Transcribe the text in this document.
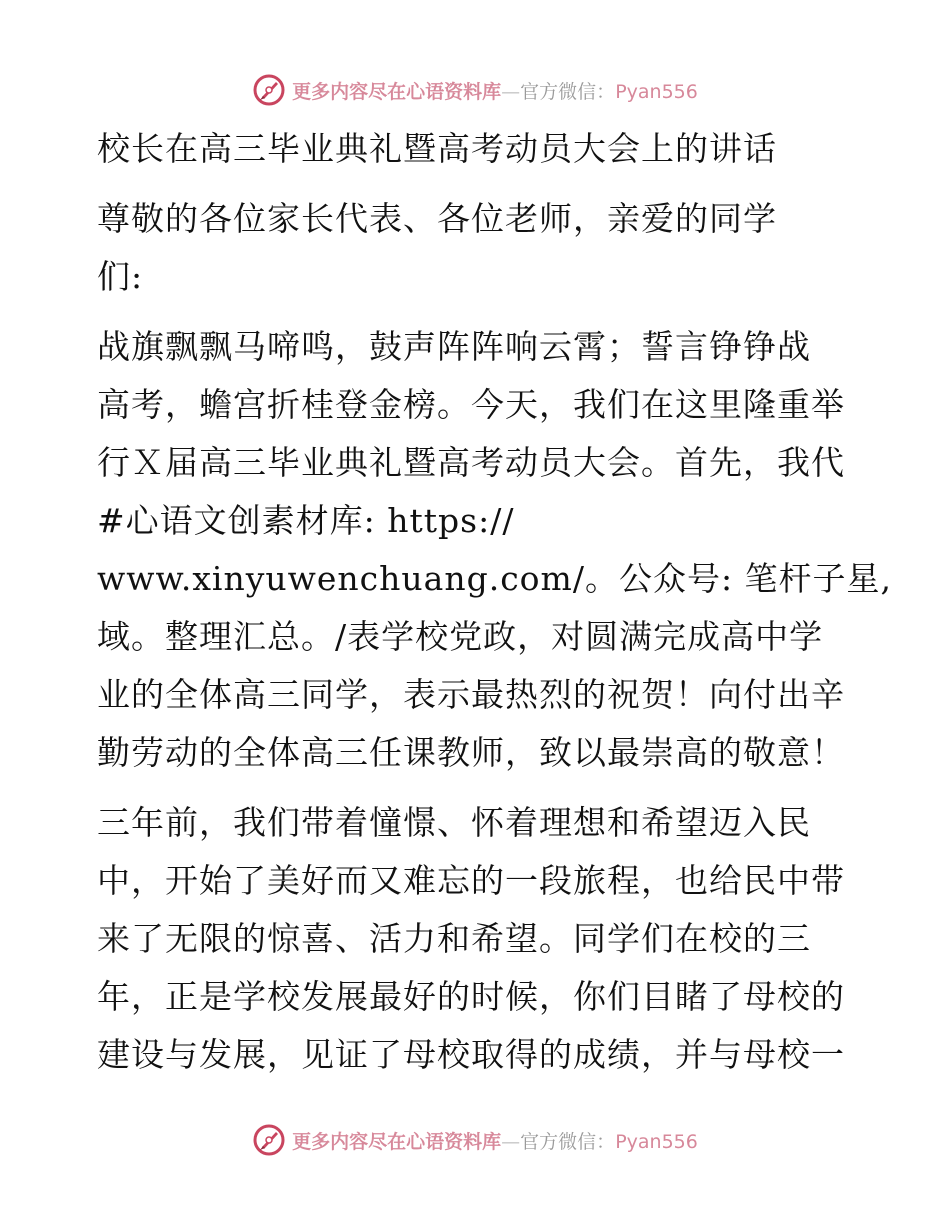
更多内容尽在心语资料库—官方微信：Pyan556
校长在高三毕业典礼暨高考动员大会上的讲话
尊敬的各位家长代表、各位老师，亲爱的同学
们:
战旗飘飘马啼鸣，鼓声阵阵响云霄；誓言铮铮战
高考，蟾宫折桂登金榜。今天，我们在这里隆重举
行Ｘ届高三毕业典礼暨高考动员大会。首先，我代
#心语文创素材库: https://
www.xinyuwenchuang.com/。公众号: 笔杆子星,
域。整理汇总。/表学校党政，对圆满完成高中学
业的全体高三同学，表示最热烈的祝贺！向付出辛
勤劳动的全体高三任课教师，致以最崇高的敬意！
三年前，我们带着憧憬、怀着理想和希望迈入民
中，开始了美好而又难忘的一段旅程，也给民中带
来了无限的惊喜、活力和希望。同学们在校的三
年，正是学校发展最好的时候，你们目睹了母校的
建设与发展，见证了母校取得的成绩，并与母校一
更多内容尽在心语资料库—官方微信：Pyan556
